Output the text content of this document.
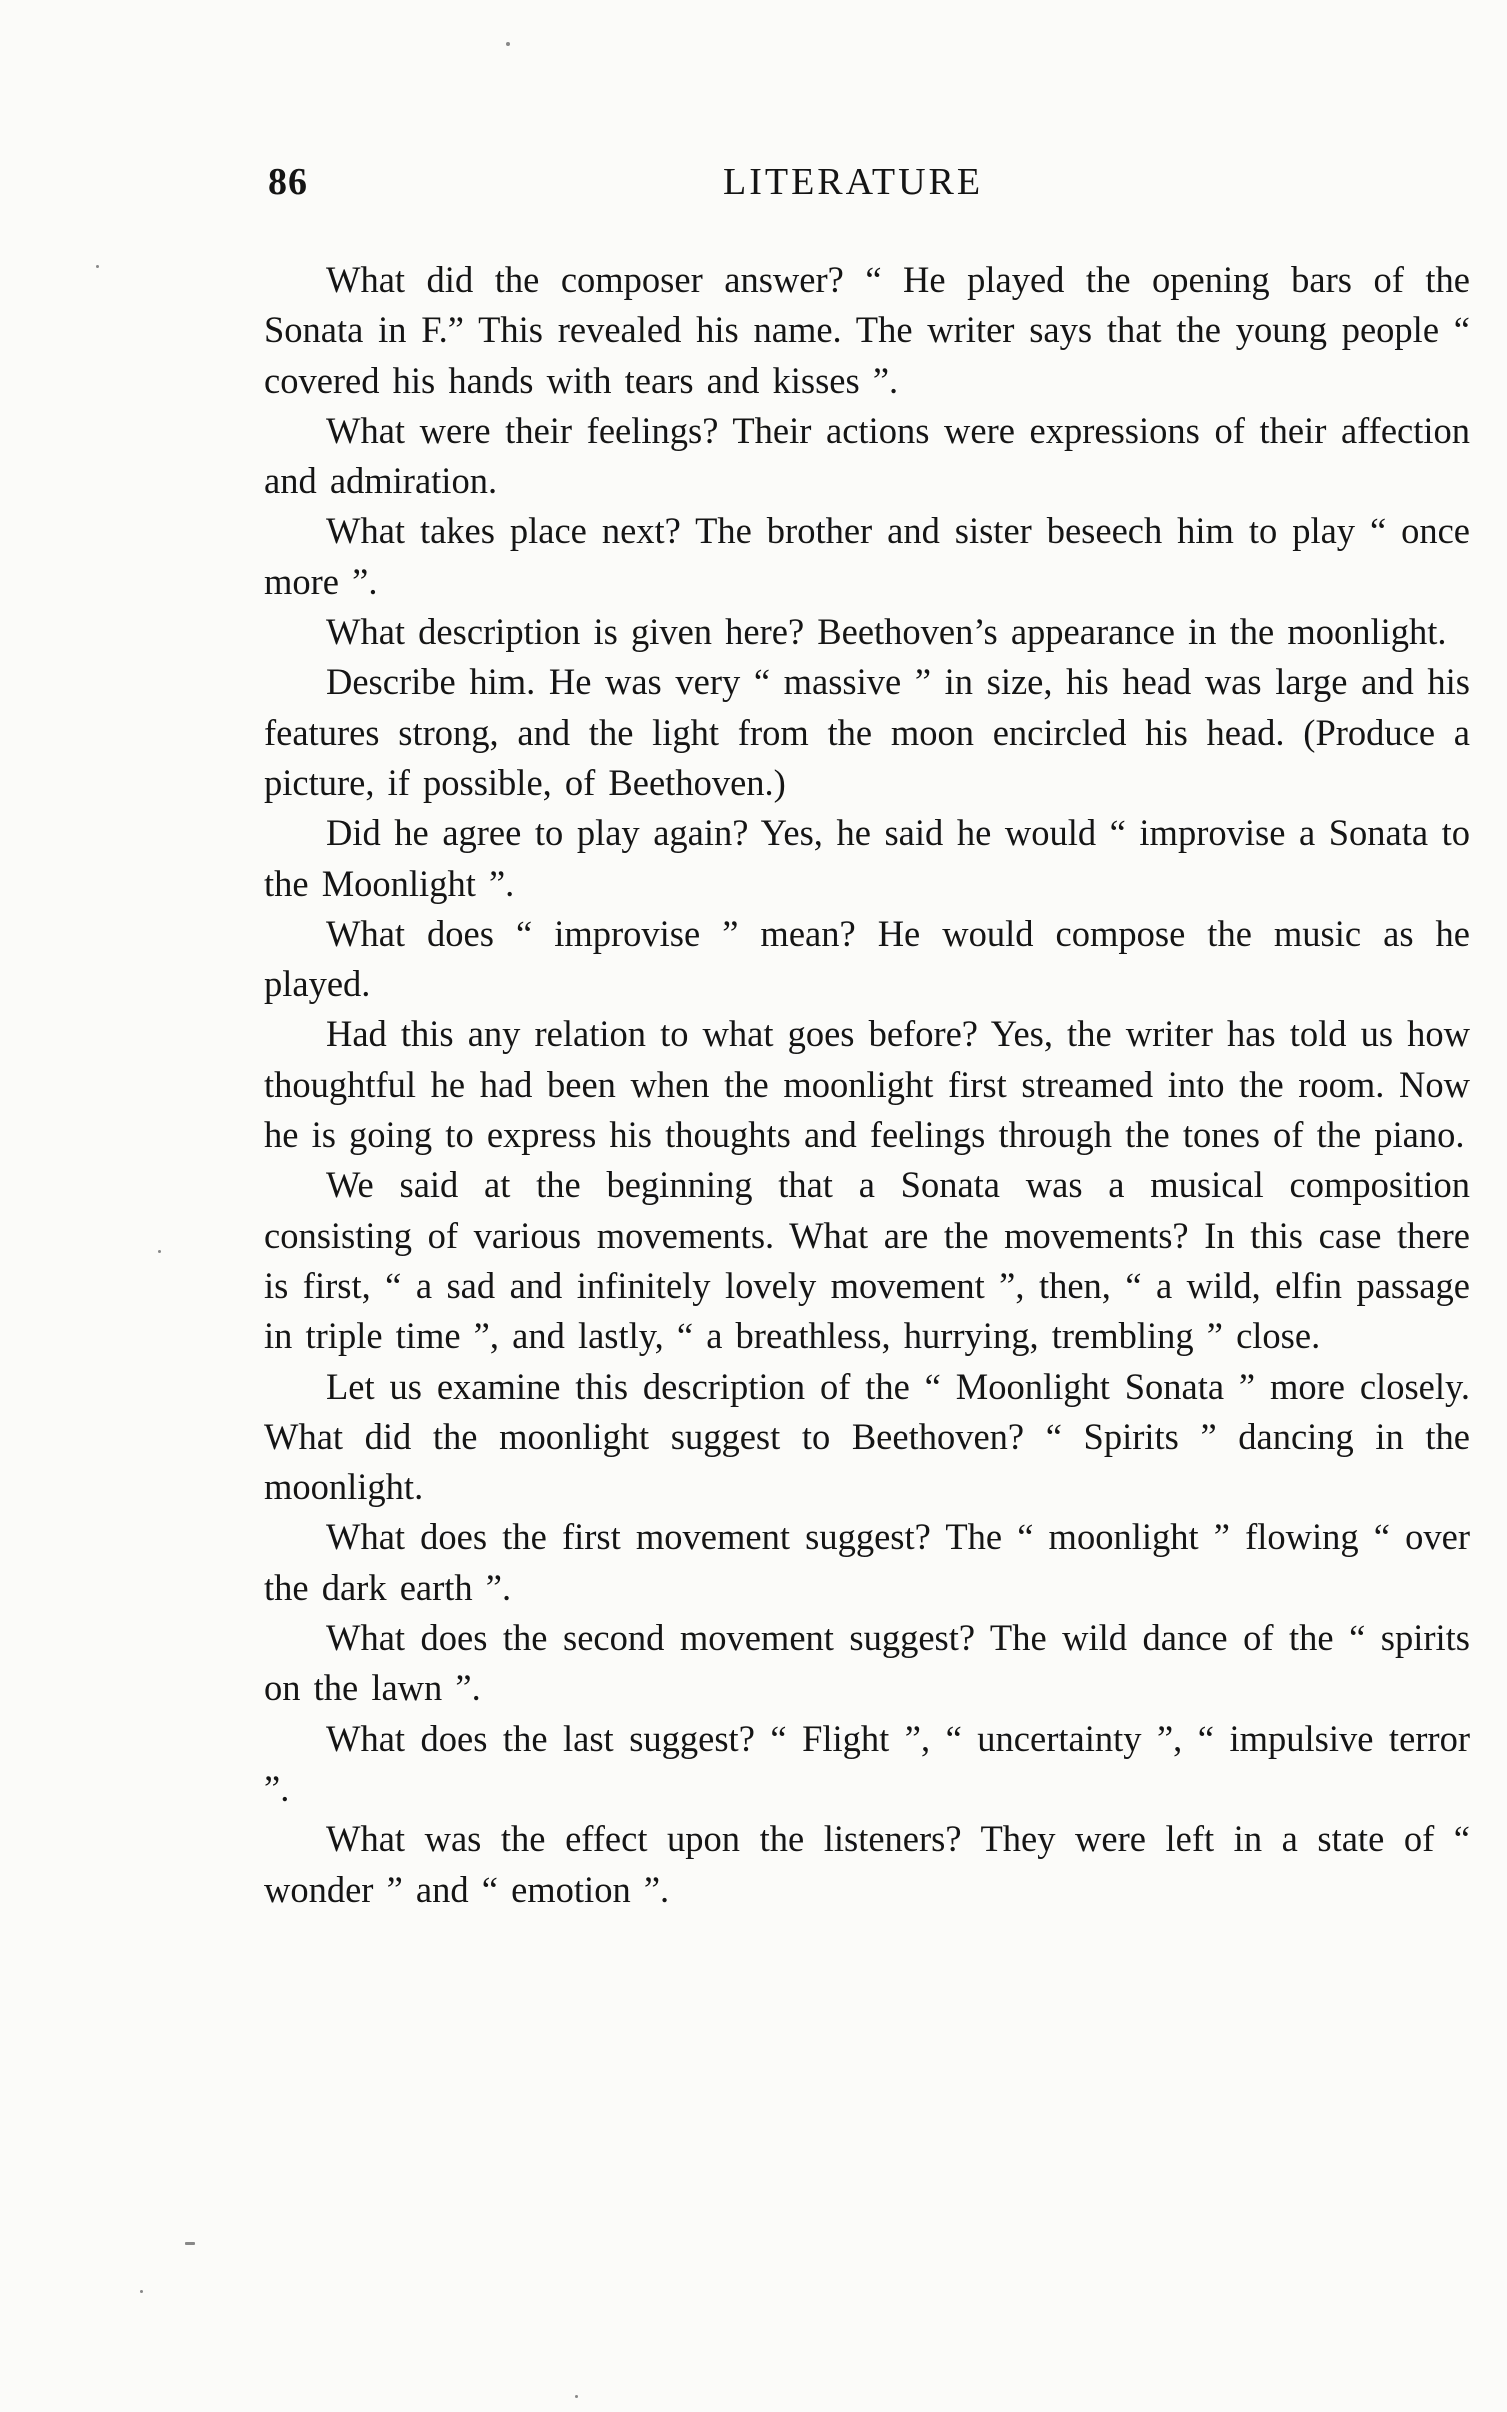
86	LITERATURE

What did the composer answer? “ He played the opening bars of the Sonata in F.” This revealed his name. The writer says that the young people “ covered his hands with tears and kisses ”.

What were their feelings? Their actions were expressions of their affection and admiration.

What takes place next? The brother and sister beseech him to play “ once more ”.

What description is given here? Beethoven’s appearance in the moonlight.

Describe him. He was very “ massive ” in size, his head was large and his features strong, and the light from the moon encircled his head. (Produce a picture, if possible, of Beethoven.)

Did he agree to play again? Yes, he said he would “ improvise a Sonata to the Moonlight ”.

What does “ improvise ” mean? He would compose the music as he played.

Had this any relation to what goes before? Yes, the writer has told us how thoughtful he had been when the moonlight first streamed into the room. Now he is going to express his thoughts and feelings through the tones of the piano.

We said at the beginning that a Sonata was a musical composition consisting of various movements. What are the movements? In this case there is first, “ a sad and infinitely lovely movement ”, then, “ a wild, elfin passage in triple time ”, and lastly, “ a breathless, hurrying, trembling ” close.

Let us examine this description of the “ Moonlight Sonata ” more closely. What did the moonlight suggest to Beethoven? “ Spirits ” dancing in the moonlight.

What does the first movement suggest? The “ moonlight ” flowing “ over the dark earth ”.

What does the second movement suggest? The wild dance of the “ spirits on the lawn ”.

What does the last suggest? “ Flight ”, “ uncertainty ”, “ impulsive terror ”.

What was the effect upon the listeners? They were left in a state of “ wonder ” and “ emotion ”.
